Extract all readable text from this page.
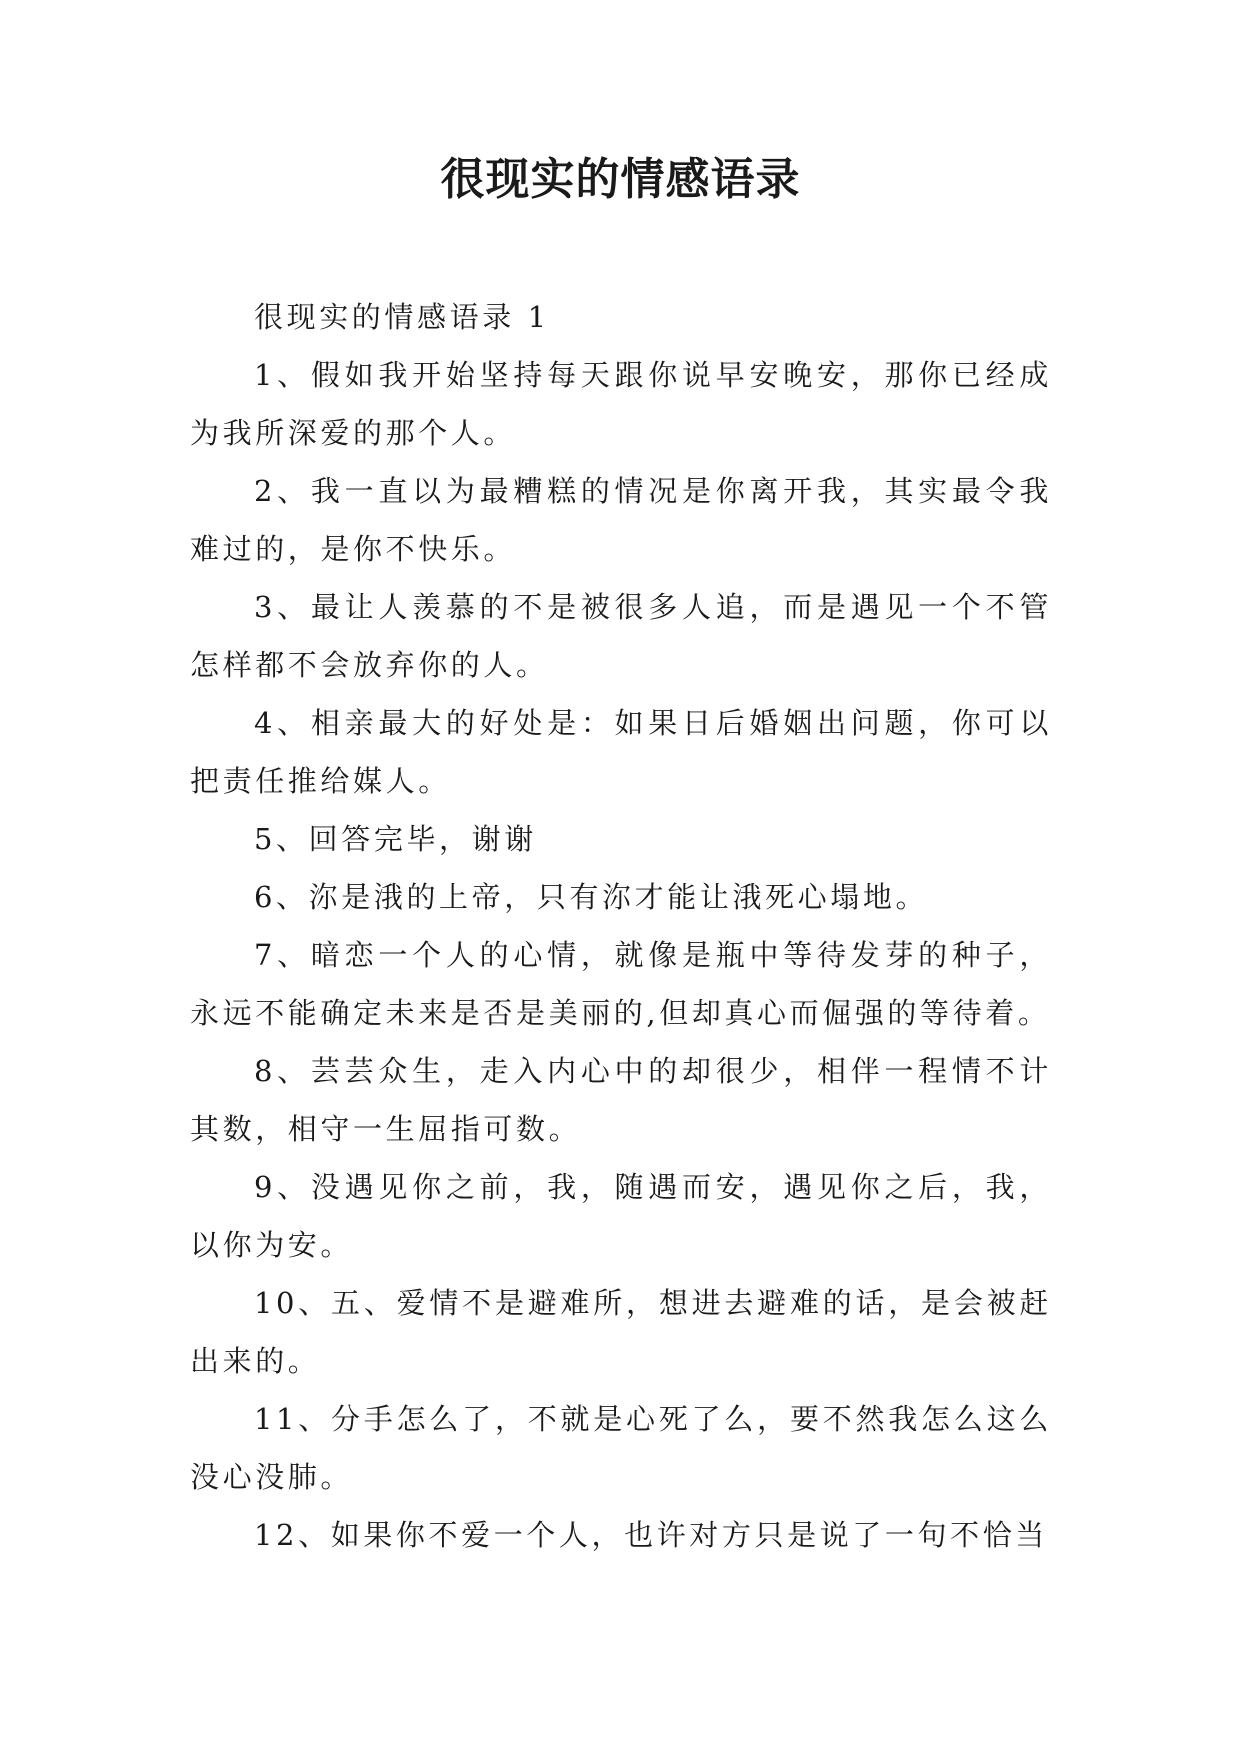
很现实的情感语录

很现实的情感语录 1

1、假如我开始坚持每天跟你说早安晚安，那你已经成为我所深爱的那个人。

2、我一直以为最糟糕的情况是你离开我，其实最令我难过的，是你不快乐。

3、最让人羡慕的不是被很多人追，而是遇见一个不管怎样都不会放弃你的人。

4、相亲最大的好处是：如果日后婚姻出问题，你可以把责任推给媒人。

5、回答完毕，谢谢

6、沵是涐的上帝，只有沵才能让涐死心塌地。

7、暗恋一个人的心情，就像是瓶中等待发芽的种子，永远不能确定未来是否是美丽的,但却真心而倔强的等待着。

8、芸芸众生，走入内心中的却很少，相伴一程情不计其数，相守一生屈指可数。

9、没遇见你之前，我，随遇而安，遇见你之后，我，以你为安。

10、五、爱情不是避难所，想进去避难的话，是会被赶出来的。

11、分手怎么了，不就是心死了么，要不然我怎么这么没心没肺。

12、如果你不爱一个人，也许对方只是说了一句不恰当
